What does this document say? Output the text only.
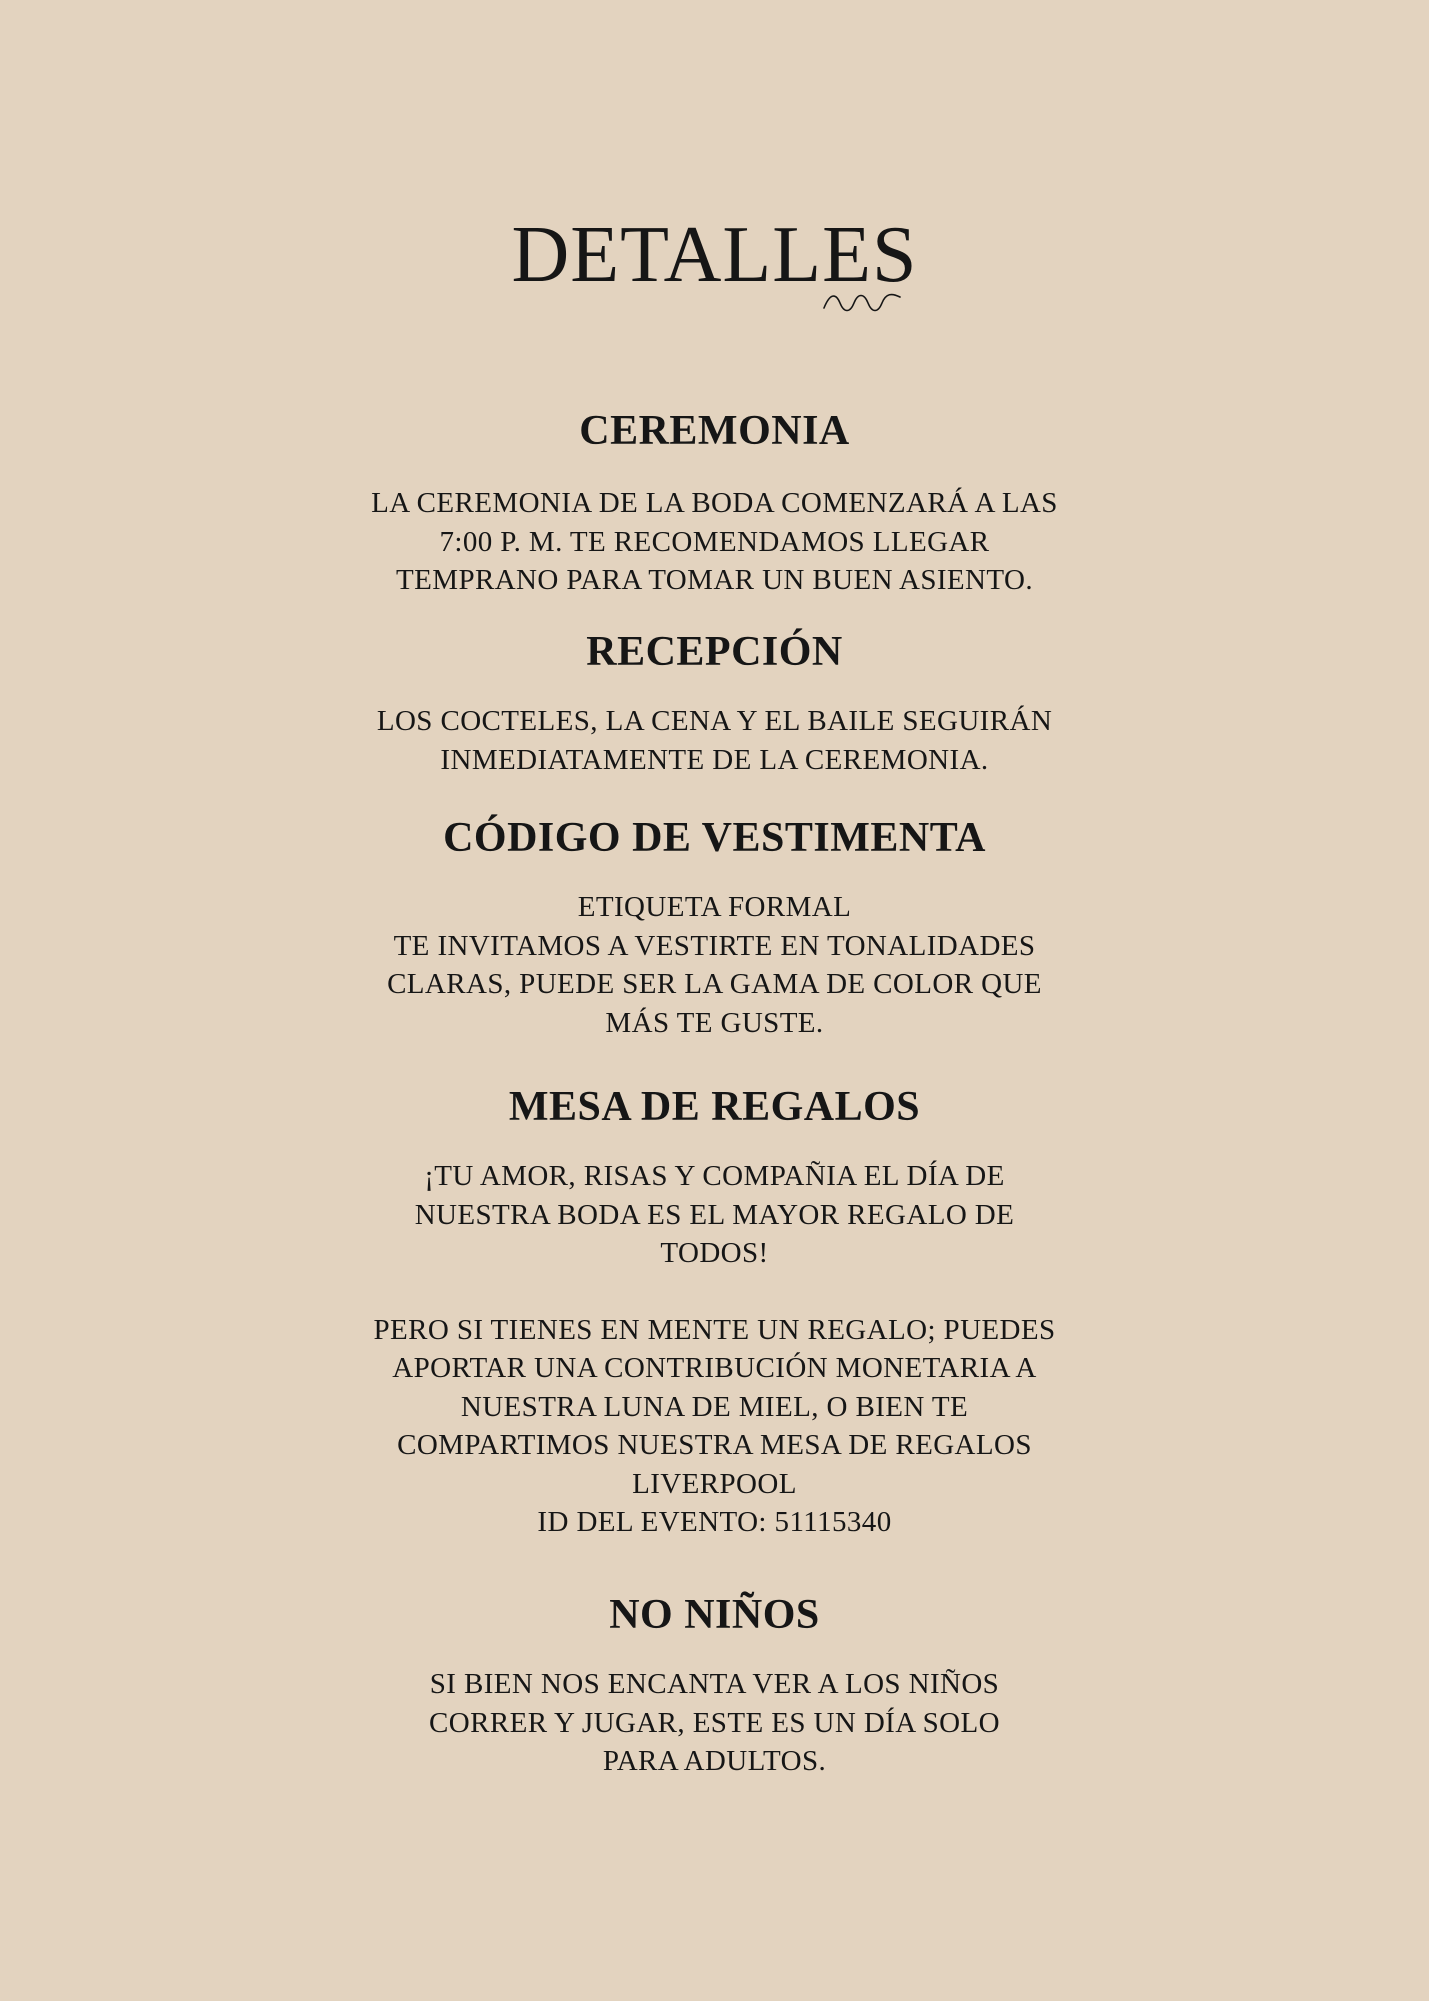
DETALLES
CEREMONIA

LA CEREMONIA DE LA BODA COMENZARÁ A LAS
7:00 P. M. TE RECOMENDAMOS LLEGAR
TEMPRANO PARA TOMAR UN BUEN ASIENTO.

RECEPCIÓN

LOS COCTELES, LA CENA Y EL BAILE SEGUIRÁN
INMEDIATAMENTE DE LA CEREMONIA.

CÓDIGO DE VESTIMENTA

ETIQUETA FORMAL
TE INVITAMOS A VESTIRTE EN TONALIDADES
CLARAS, PUEDE SER LA GAMA DE COLOR QUE
MÁS TE GUSTE.

MESA DE REGALOS

¡TU AMOR, RISAS Y COMPAÑIA EL DÍA DE
NUESTRA BODA ES EL MAYOR REGALO DE
TODOS!
PERO SI TIENES EN MENTE UN REGALO; PUEDES
APORTAR UNA CONTRIBUCIÓN MONETARIA A
NUESTRA LUNA DE MIEL, O BIEN TE
COMPARTIMOS NUESTRA MESA DE REGALOS
LIVERPOOL
ID DEL EVENTO: 51115340

NO NIÑOS

SI BIEN NOS ENCANTA VER A LOS NIÑOS
CORRER Y JUGAR, ESTE ES UN DÍA SOLO
PARA ADULTOS.
